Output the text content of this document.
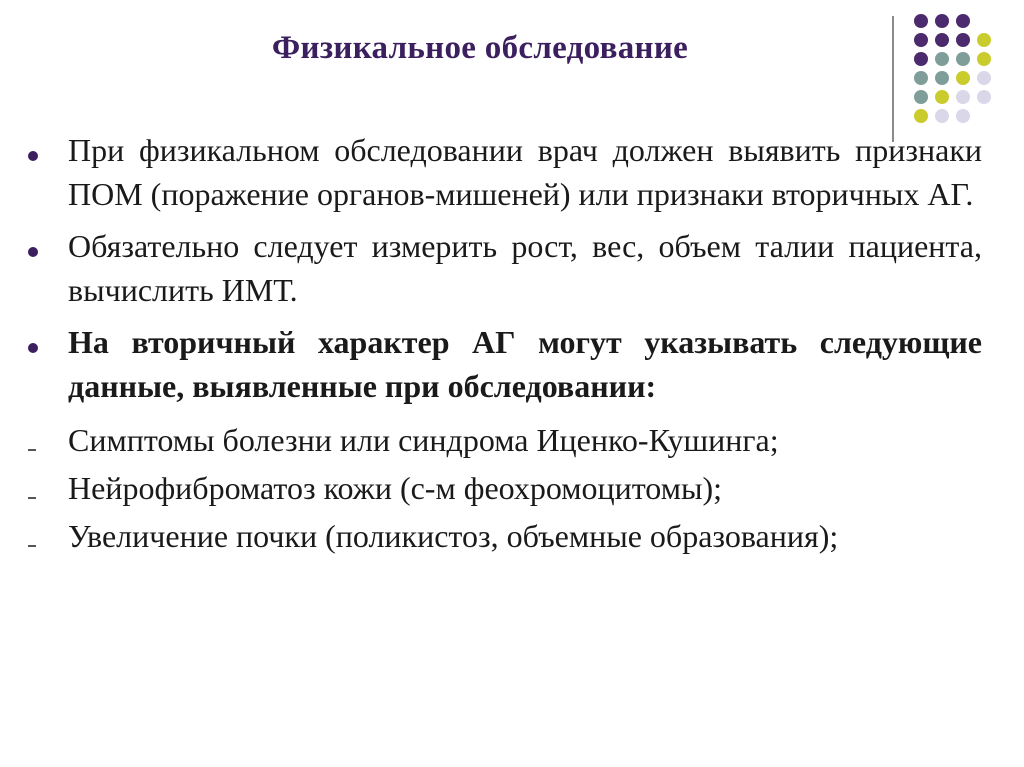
Физикальное обследование
При физикальном обследовании врач должен выявить признаки ПОМ (поражение органов-мишеней) или признаки вторичных АГ.
Обязательно следует измерить рост, вес, объем талии пациента, вычислить ИМТ.
На вторичный характер АГ могут указывать следующие данные, выявленные при обследовании:
Симптомы болезни или синдрома Иценко-Кушинга;
Нейрофиброматоз кожи (с-м феохромоцитомы);
Увеличение почки (поликистоз, объемные образования);
